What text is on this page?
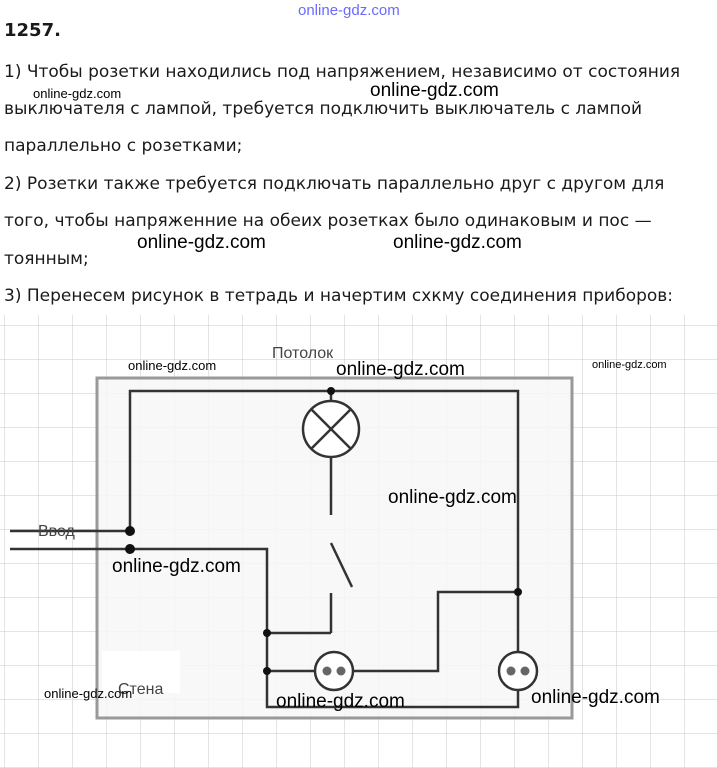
online-gdz.com
1257.
1) Чтобы розетки находились под напряжением, независимо от состояния
выключателя с лампой, требуется подключить выключатель с лампой
параллельно с розетками;
2) Розетки также требуется подключать параллельно друг с другом для
того, чтобы напряженние на обеих розетках было одинаковым и пос —
тоянным;
3) Перенесем рисунок в тетрадь и начертим схкму соединения приборов:
online-gdz.com	online-gdz.com
online-gdz.com	online-gdz.com
Потолок
Ввод
Стена
online-gdz.com	online-gdz.com	online-gdz.com
online-gdz.com
online-gdz.com
online-gdz.com	online-gdz.com	online-gdz.com
